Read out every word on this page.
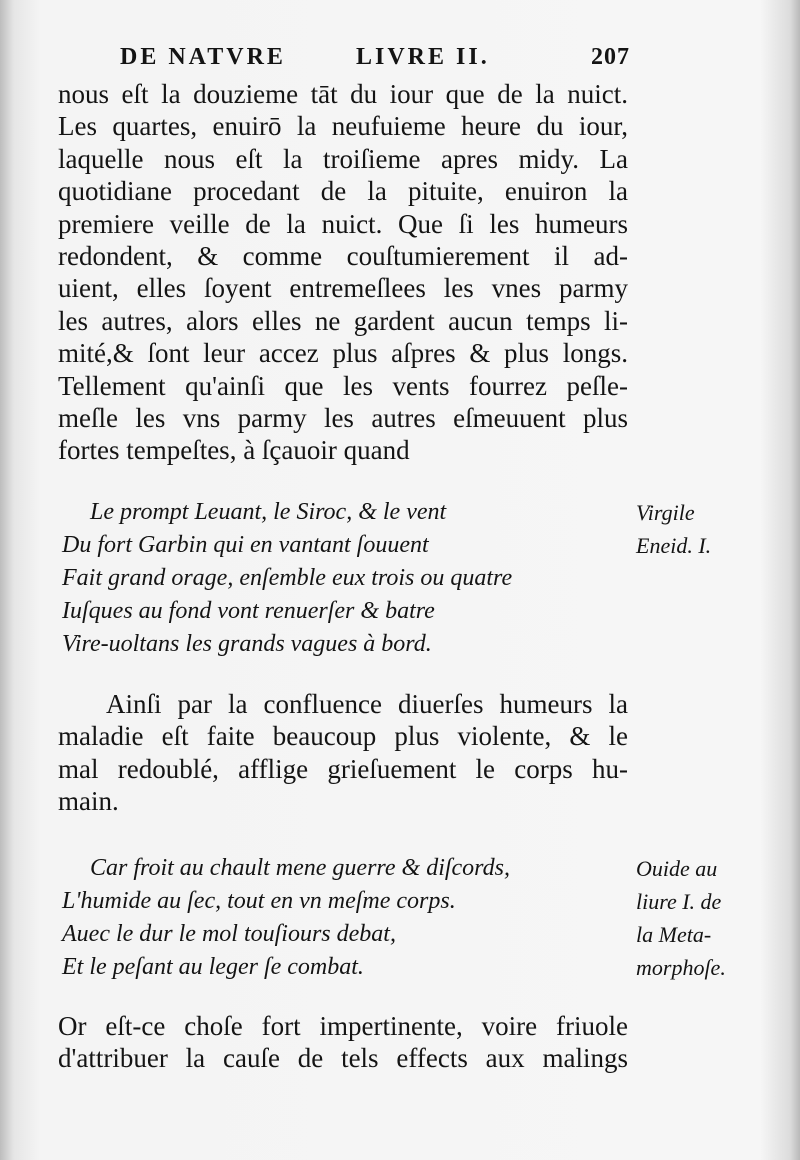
DE NATVRE	LIVRE II.	207
nous eſt la douzieme tāt du iour que de la nuict.
Les quartes, enuirō la neufuieme heure du iour,
laquelle nous eſt la troiſieme apres midy. La
quotidiane procedant de la pituite, enuiron la
premiere veille de la nuict. Que ſi les humeurs
redondent, & comme couſtumierement il ad-
uient, elles ſoyent entremeſlees les vnes parmy
les autres, alors elles ne gardent aucun temps li-
mité,& ſont leur accez plus aſpres & plus longs.
Tellement qu'ainſi que les vents fourrez peſle-
meſle les vns parmy les autres eſmeuuent plus
fortes tempeſtes, à ſçauoir quand
Le prompt Leuant, le Siroc, & le vent
Du fort Garbin qui en vantant ſouuent
Fait grand orage, enſemble eux trois ou quatre
Iuſques au fond vont renuerſer & batre
Vire-uoltans les grands vagues à bord.
Virgile
Eneid. I.
Ainſi par la confluence diuerſes humeurs la
maladie eſt faite beaucoup plus violente, & le
mal redoublé, afflige grieſuement le corps hu-
main.
Car froit au chault mene guerre & diſcords,
L'humide au ſec, tout en vn meſme corps.
Auec le dur le mol touſiours debat,
Et le peſant au leger ſe combat.
Ouide au
liure I. de
la Meta-
morphoſe.
Or eſt-ce choſe fort impertinente, voire friuole
d'attribuer la cauſe de tels effects aux malings
